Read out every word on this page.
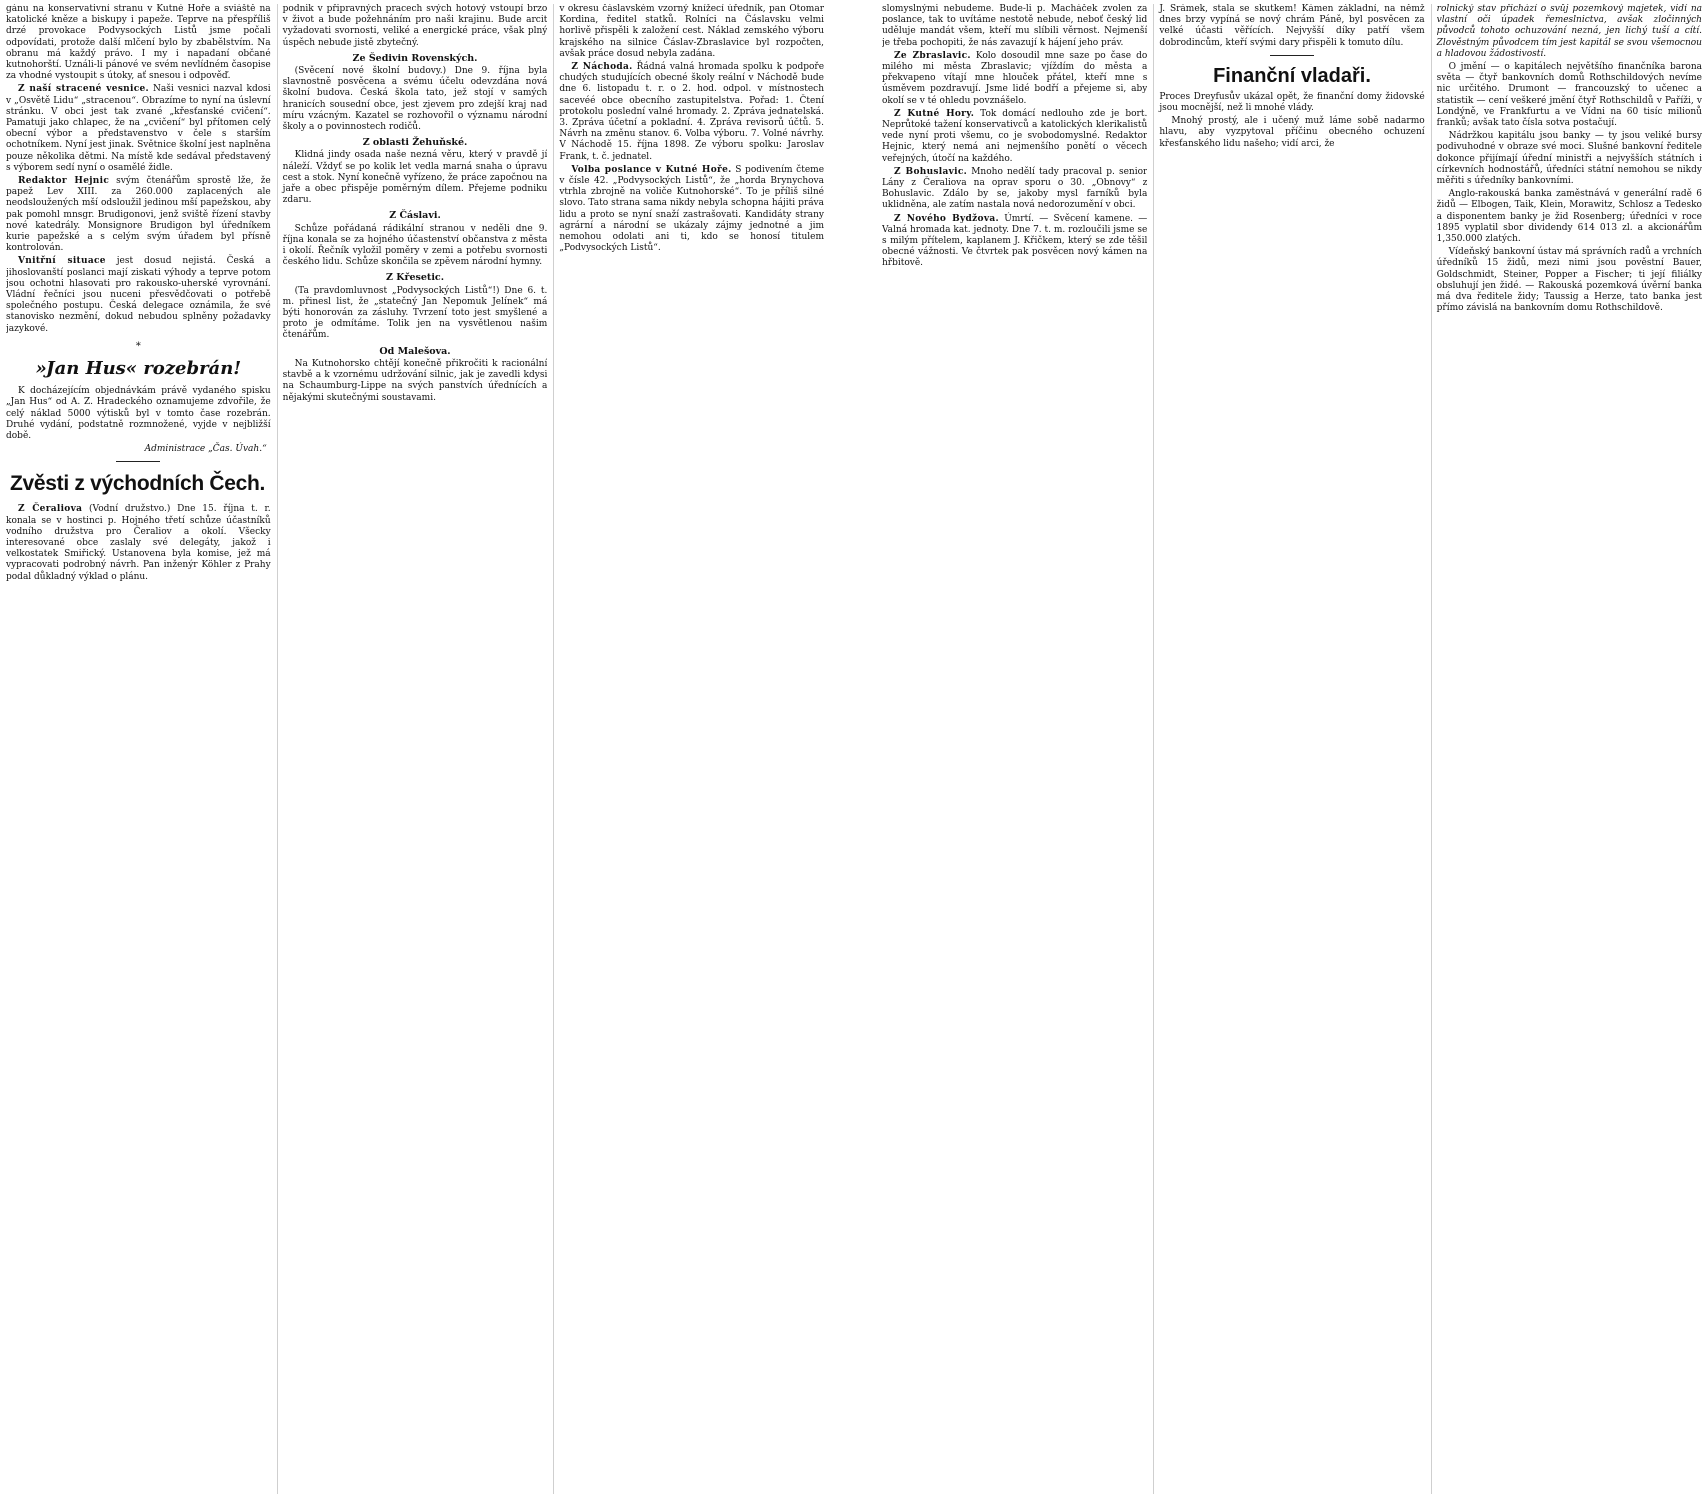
gánu na konservativní stranu v Kutné Hoře a sviáště na katolické kněze a biskupy i papeže. Teprve na přespříliš drzé provokace Podvysockých Listů jsme počali odpovídati, protože další mlčení bylo by zbabělstvím. Na obranu má každý právo. I my i napadaní občané kutnohorští. Uználi-li pánové ve svém nevlídném časopise za vhodné vystoupit s útoky, ať snesou i odpověď.

Z naší stracené vesnice. Naši vesnici nazval kdosi v „Osvětě Lidu“ „stracenou“. Obrazíme to nyní na úslevní stránku. V obci jest tak zvané „křesťanské cvičení“. Pamatuji jako chlapec, že na „cvičení“ byl přítomen celý obecní výbor a představenstvo v čele s starším ochotníkem. Nyní jest jinak. Světnice školní jest naplněna pouze několika dětmi. Na místě kde sedával představený s výborem sedí nyní o osamělé židle.

Redaktor Hejnic svým čtenářům sprostě lže, že papež Lev XIII. za 260.000 zaplacených ale neodsloužených mší odsloužil jedinou mší papežskou, aby pak pomohl mnsgr. Brudigonovi, jenž sviště řízení stavby nové katedrály. Monsignore Brudigon byl úředníkem kurie papežské a s celým svým úřadem byl přísně kontrolován.

Vnitřní situace jest dosud nejistá. Česká a jihoslovanští poslanci mají ziskati výhody a teprve potom jsou ochotni hlasovati pro rakousko-uherské vyrovnání. Vládní řečníci jsou nuceni přesvědčovati o potřebě společného postupu. Česká delegace oznámila, že své stanovisko nezmění, dokud nebudou splněny požadavky jazykové.

∗
»Jan Hus« rozebrán!

K docházejícím objednávkám právě vydaného spisku „Jan Hus“ od A. Z. Hradeckého oznamujeme zdvořile, že celý náklad 5000 výtisků byl v tomto čase rozebrán. Druhé vydání, podstatně rozmnožené, vyjde v nejbližší době.

Administrace „Čas. Úvah.“
Zvěsti z východních Čech.

Z Čeraliova (Vodní družstvo.) Dne 15. října t. r. konala se v hostinci p. Hojného třetí schůze účastníků vodního družstva pro Čeraliov a okolí. Všecky interesované obce zaslaly své delegáty, jakož i velkostatek Smiřický. Ustanovena byla komise, jež má vypracovati podrobný návrh. Pan inženýr Köhler z Prahy podal důkladný výklad o plánu.

podnik v připravných pracech svých hotový vstoupí brzo v život a bude požehnáním pro naši krajinu. Bude arcit vyžadovati svornosti, veliké a energické práce, však plný úspěch nebude jistě zbytečný.

Ze Šedivin Rovenských.

(Svěcení nové školní budovy.) Dne 9. října byla slavnostně posvěcena a svému účelu odevzdána nová školní budova. Česká škola tato, jež stojí v samých hranicích sousední obce, jest zjevem pro zdejší kraj nad míru vzácným. Kazatel se rozhovořil o významu národní školy a o povinnostech rodičů.

Z oblasti Žehuňské.

Klidná jindy osada naše nezná věru, který v pravdě jí náleží. Vždyť se po kolik let vedla marná snaha o úpravu cest a stok. Nyní konečně vyřízeno, že práce započnou na jaře a obec přispěje poměrným dílem. Přejeme podniku zdaru.

Z Čáslavi.

Schůze pořádaná rádikální stranou v neděli dne 9. října konala se za hojného účastenství občanstva z města i okolí. Řečník vyložil poměry v zemi a potřebu svornosti českého lidu. Schůze skončila se zpěvem národní hymny.

Z Křesetic.

(Ta pravdomluvnost „Podvysockých Listů“!) Dne 6. t. m. přinesl list, že „statečný Jan Nepomuk Jelínek“ má býti honorován za zásluhy. Tvrzení toto jest smyšlené a proto je odmítáme. Tolik jen na vysvětlenou našim čtenářům.

Od Malešova.

Na Kutnohorsko chtějí konečně přikročiti k racionální stavbě a k vzornému udržování silnic, jak je zavedli kdysi na Schaumburg-Lippe na svých panstvích úřednících a nějakými skutečnými soustavami.

v okresu čáslavském vzorný knížecí úředník, pan Otomar Kordina, ředitel statků. Rolníci na Čáslavsku velmi horlivě přispěli k založení cest. Náklad zemského výboru krajského na silnice Čáslav-Zbraslavice byl rozpočten, avšak práce dosud nebyla zadána.

Z Náchoda. Řádná valná hromada spolku k podpoře chudých studujících obecné školy reální v Náchodě bude dne 6. listopadu t. r. o 2. hod. odpol. v místnostech sacevéé obce obecního zastupitelstva. Pořad: 1. Čtení protokolu poslední valné hromady. 2. Zpráva jednatelská. 3. Zpráva účetní a pokladní. 4. Zpráva revisorů účtů. 5. Návrh na změnu stanov. 6. Volba výboru. 7. Volné návrhy. V Náchodě 15. října 1898. Ze výboru spolku: Jaroslav Frank, t. č. jednatel.

Volba poslance v Kutné Hoře. S podivením čteme v čísle 42. „Podvysockých Listů“, že „horda Brynychova vtrhla zbrojně na voliče Kutnohorské“. To je příliš silné slovo. Tato strana sama nikdy nebyla schopna hájiti práva lidu a proto se nyní snaží zastrašovati. Kandidáty strany agrární a národní se ukázaly zájmy jednotné a jim nemohou odolati ani ti, kdo se honosí titulem „Podvysockých Listů“.

slomyslnými nebudeme. Bude-li p. Macháček zvolen za poslance, tak to uvítáme nestotě nebude, neboť český lid uděluje mandát všem, kteří mu slíbili věrnost. Nejmenší je třeba pochopiti, že nás zavazují k hájení jeho práv.

Ze Zbraslavic. Kolo dosoudil mne saze po čase do milého mi města Zbraslavic; vjíždím do města a překvapeno vítají mne hlouček přátel, kteří mne s úsměvem pozdravují. Jsme lidé bodří a přejeme si, aby okolí se v té ohledu povznášelo.

Z Kutné Hory. Tok domácí nedlouho zde je bort. Neprůtoké tažení konservativců a katolických klerikalistů vede nyní proti všemu, co je svobodomyslné. Redaktor Hejnic, který nemá ani nejmenšího ponětí o věcech veřejných, útočí na každého.

Z Bohuslavic. Mnoho nedělí tady pracoval p. senior Lány z Čeraliova na oprav sporu o 30. „Obnovy“ z Bohuslavic. Zdálo by se, jakoby mysl farníků byla uklidněna, ale zatím nastala nová nedorozumění v obci.

Z Nového Bydžova. Úmrtí. — Svěcení kamene. — Valná hromada kat. jednoty. Dne 7. t. m. rozloučili jsme se s milým přítelem, kaplanem J. Křičkem, který se zde těšil obecné vážnosti. Ve čtvrtek pak posvěcen nový kámen na hřbitově.

J. Šrámek, stala se skutkem! Kámen základní, na němž dnes brzy vypíná se nový chrám Páně, byl posvěcen za velké účasti věřících. Nejvyšší díky patří všem dobrodincům, kteří svými dary přispěli k tomuto dílu.

Finanční vladaři.

Proces Dreyfusův ukázal opět, že finanční domy židovské jsou mocnější, než li mnohé vlády.

Mnohý prostý, ale i učený muž láme sobě nadarmo hlavu, aby vyzpytoval příčinu obecného ochuzení křesťanského lidu našeho; vidí arci, že

rolnický stav přichází o svůj pozemkový majetek, vidí na vlastní oči úpadek řemeslnictva, avšak zločinných původců tohoto ochuzování nezná, jen lichý tuší a cítí. Zlověstným původcem tím jest kapitál se svou všemocnou a hladovou žádostivostí.

O jmění — o kapitálech největšího finančníka barona světa — čtyř bankovních domů Rothschildových nevíme nic určitého. Drumont — francouzský to učenec a statistik — cení veškeré jmění čtyř Rothschildů v Paříži, v Londýně, ve Frankfurtu a ve Vídni na 60 tisíc milionů franků; avšak tato čísla sotva postačují.

Nádržkou kapitálu jsou banky — ty jsou veliké bursy podivuhodné v obraze své moci. Slušné bankovní ředitele dokonce přijímají úřední ministři a nejvyšších státních i církevních hodnostářů, úředníci státní nemohou se nikdy měřiti s úředníky bankovními.

Anglo-rakouská banka zaměstnává v generální radě 6 židů — Elbogen, Taik, Klein, Morawitz, Schlosz a Tedesko a disponentem banky je žid Rosenberg; úředníci v roce 1895 vyplatil sbor dividendy 614 013 zl. a akcionářům 1,350.000 zlatých.

Vídeňský bankovní ústav má správních radů a vrchních úředníků 15 židů, mezi nimi jsou pověstní Bauer, Goldschmidt, Steiner, Popper a Fischer; ti její filiálky obsluhují jen židé. — Rakouská pozemková úvěrní banka má dva ředitele židy; Taussig a Herze, tato banka jest přímo závislá na bankovním domu Rothschildově.
